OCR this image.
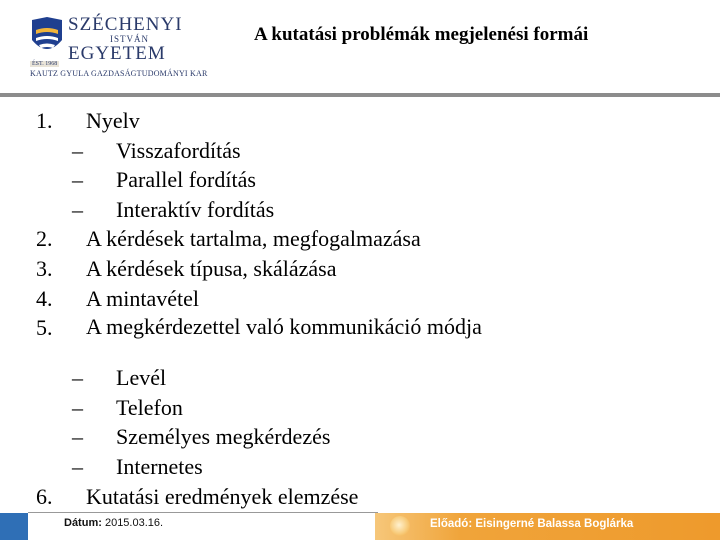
SZÉCHENYI
ISTVÁN
EGYETEM
ÉST. 1968
KAUTZ GYULA GAZDASÁGTUDOMÁNYI KAR
A kutatási problémák megjelenési formái
1. Nyelv
– Visszafordítás
– Parallel fordítás
– Interaktív fordítás
2. A kérdések tartalma, megfogalmazása
3. A kérdések típusa, skálázása
4. A mintavétel
5. A megkérdezettel való kommunikáció módja
– Levél
– Telefon
– Személyes megkérdezés
– Internetes
6. Kutatási eredmények elemzése
Dátum: 2015.03.16.	Előadó: Eisingerné Balassa Boglárka
